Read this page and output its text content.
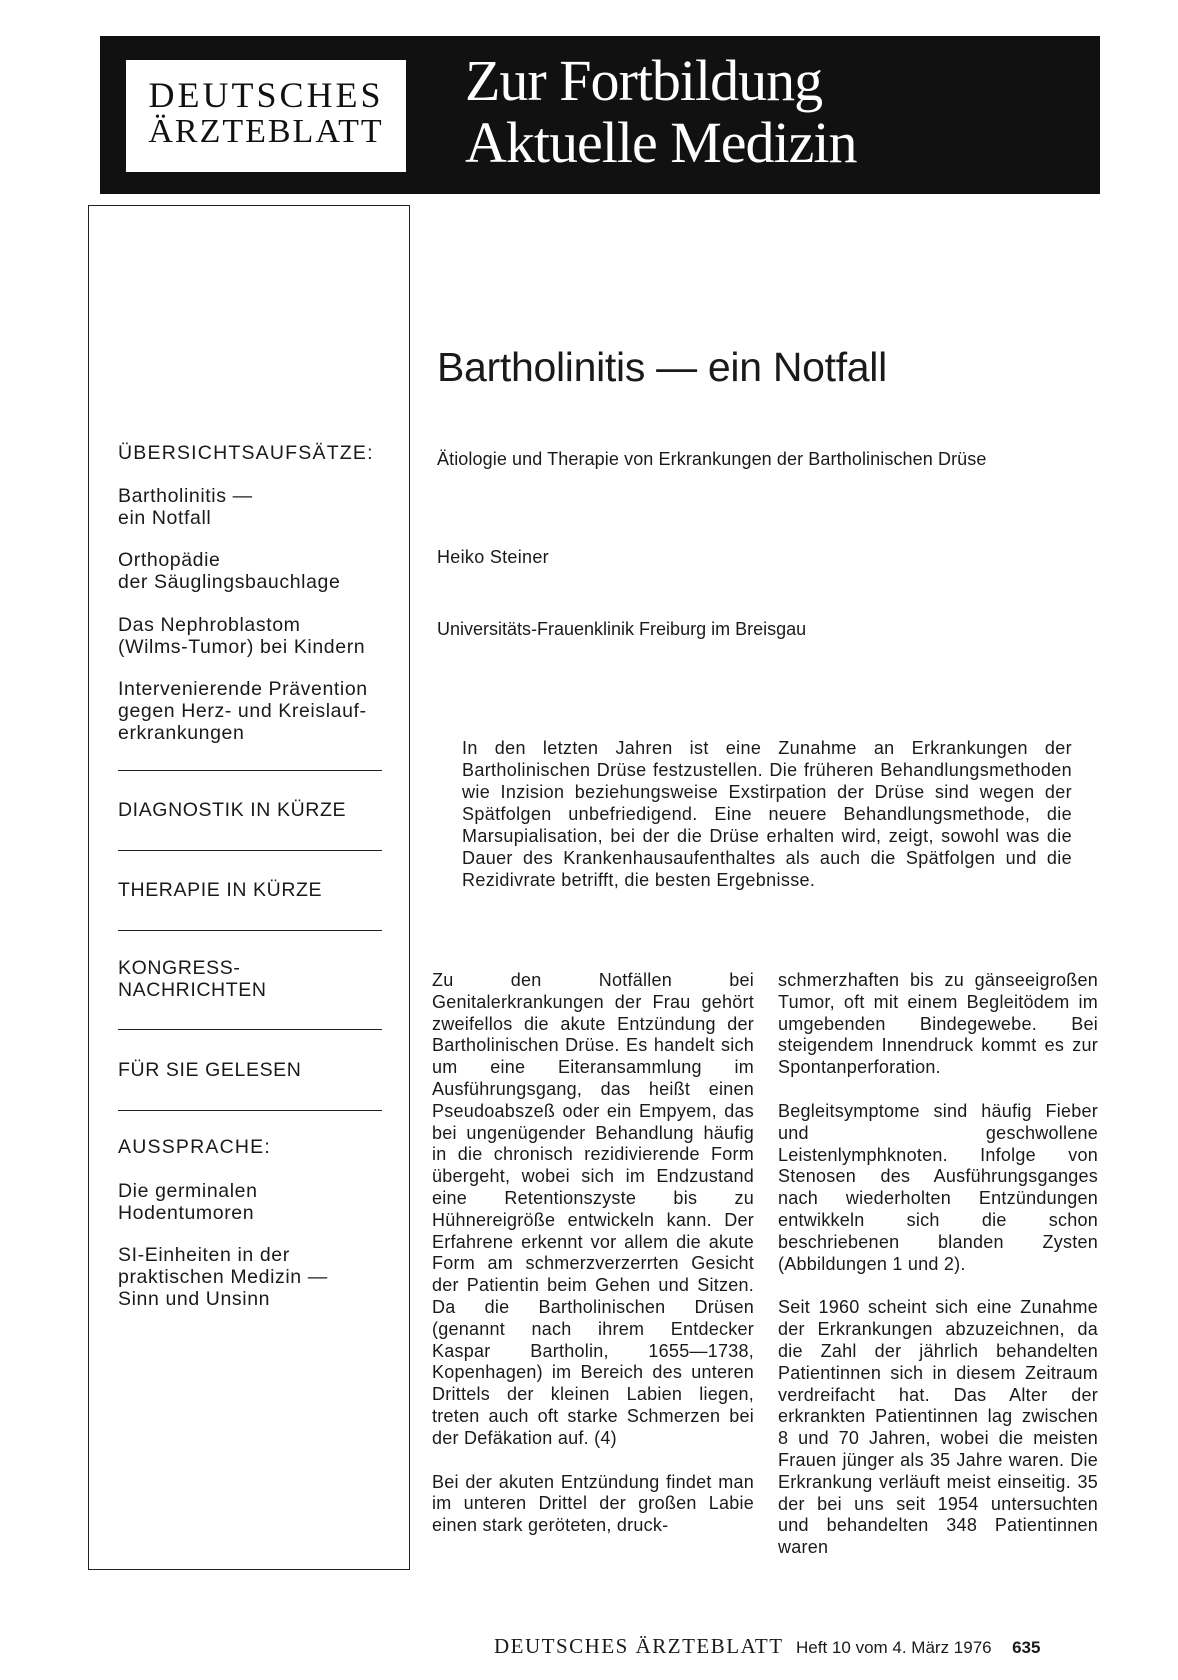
DEUTSCHES
ÄRZTEBLATT
Zur Fortbildung
Aktuelle Medizin
ÜBERSICHTSAUFSÄTZE:
Bartholinitis —
ein Notfall
Orthopädie
der Säuglingsbauchlage
Das Nephroblastom
(Wilms-Tumor) bei Kindern
Intervenierende Prävention
gegen Herz- und Kreislauf-
erkrankungen
DIAGNOSTIK IN KÜRZE
THERAPIE IN KÜRZE
KONGRESS-
NACHRICHTEN
FÜR SIE GELESEN
AUSSPRACHE:
Die germinalen
Hodentumoren
SI-Einheiten in der
praktischen Medizin —
Sinn und Unsinn
Bartholinitis — ein Notfall
Ätiologie und Therapie von Erkrankungen der Bartholinischen Drüse
Heiko Steiner
Universitäts-Frauenklinik Freiburg im Breisgau
In den letzten Jahren ist eine Zunahme an Erkrankungen der Bartholinischen Drüse festzustellen. Die früheren Behandlungsmethoden wie Inzision beziehungsweise Exstirpation der Drüse sind wegen der Spätfolgen unbefriedigend. Eine neuere Behandlungsmethode, die Marsupialisation, bei der die Drüse erhalten wird, zeigt, sowohl was die Dauer des Krankenhausaufenthaltes als auch die Spätfolgen und die Rezidivrate betrifft, die besten Ergebnisse.

Zu den Notfällen bei Genitalerkrankungen der Frau gehört zweifellos die akute Entzündung der Bartholinischen Drüse. Es handelt sich um eine Eiteransammlung im Ausführungsgang, das heißt einen Pseudoabszeß oder ein Empyem, das bei ungenügender Behandlung häufig in die chronisch rezidivierende Form übergeht, wobei sich im Endzustand eine Retentionszyste bis zu Hühnereigröße entwickeln kann. Der Erfahrene erkennt vor allem die akute Form am schmerzverzerrten Gesicht der Patientin beim Gehen und Sitzen. Da die Bartholinischen Drüsen (genannt nach ihrem Entdecker Kaspar Bartholin, 1655—1738, Kopenhagen) im Bereich des unteren Drittels der kleinen Labien liegen, treten auch oft starke Schmerzen bei der Defäkation auf. (4)

Bei der akuten Entzündung findet man im unteren Drittel der großen Labie einen stark geröteten, druck-

schmerzhaften bis zu gänseeigroßen Tumor, oft mit einem Begleitödem im umgebenden Bindegewebe. Bei steigendem Innendruck kommt es zur Spontanperforation.

Begleitsymptome sind häufig Fieber und geschwollene Leistenlymphknoten. Infolge von Stenosen des Ausführungsganges nach wiederholten Entzündungen entwikkeln sich die schon beschriebenen blanden Zysten (Abbildungen 1 und 2).

Seit 1960 scheint sich eine Zunahme der Erkrankungen abzuzeichnen, da die Zahl der jährlich behandelten Patientinnen sich in diesem Zeitraum verdreifacht hat. Das Alter der erkrankten Patientinnen lag zwischen 8 und 70 Jahren, wobei die meisten Frauen jünger als 35 Jahre waren. Die Erkrankung verläuft meist einseitig. 35 der bei uns seit 1954 untersuchten und behandelten 348 Patientinnen waren

DEUTSCHES ÄRZTEBLATT Heft 10 vom 4. März 1976 635
